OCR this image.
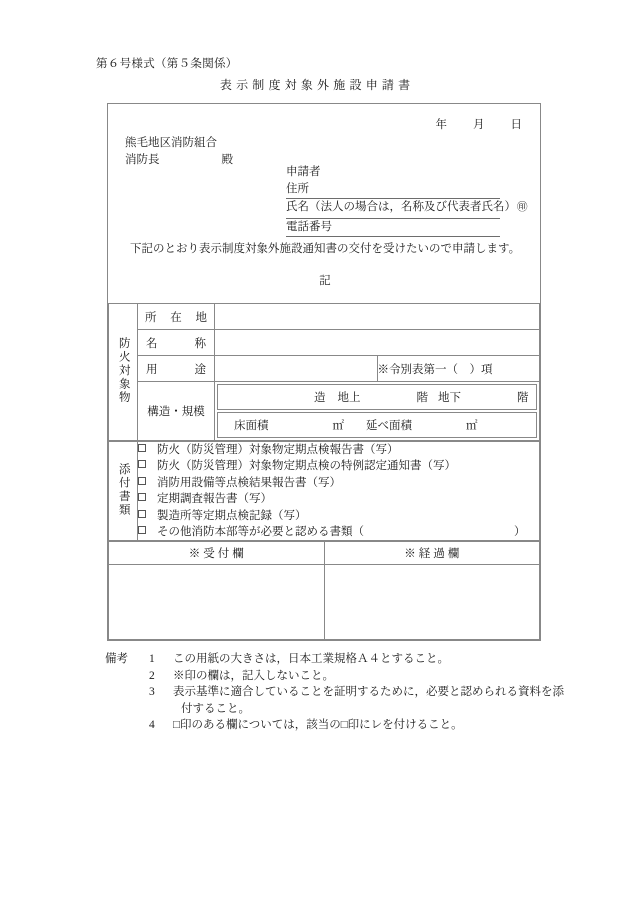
第６号様式（第５条関係）
表示制度対象外施設申請書
年 月 日
熊毛地区消防組合
消防長	殿
申請者
住所
氏名（法人の場合は，名称及び代表者氏名）㊞
電話番号
下記のとおり表示制度対象外施設通知書の交付を受けたいので申請します。
記
防火対象物	所在地	
名称	
用途		※令別表第一（　）項
構造・規模	
造 地上	階 地下	階
床面積	㎡ 延べ面積	㎡
添付書類	
防火（防災管理）対象物定期点検報告書（写）
防火（防災管理）対象物定期点検の特例認定通知書（写）
消防用設備等点検結果報告書（写）
定期調査報告書（写）
製造所等定期点検記録（写）
その他消防本部等が必要と認める書類（	）
※受付欄	※経過欄

備考	1	この用紙の大きさは，日本工業規格Ａ４とすること。
2	※印の欄は，記入しないこと。
3	表示基準に適合していることを証明するために，必要と認められる資料を添
付すること。
4	□印のある欄については，該当の□印にレを付けること。
